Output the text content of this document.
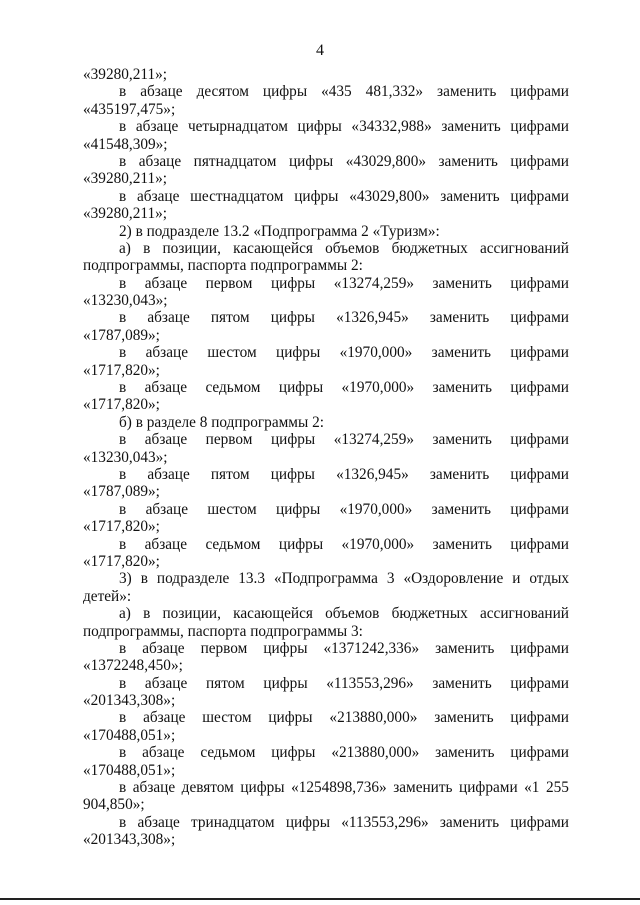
4
«39280,211»;
в абзаце десятом цифры «435 481,332» заменить цифрами
«435197,475»;
в абзаце четырнадцатом цифры «34332,988» заменить цифрами
«41548,309»;
в абзаце пятнадцатом цифры «43029,800» заменить цифрами
«39280,211»;
в абзаце шестнадцатом цифры «43029,800» заменить цифрами
«39280,211»;
2) в подразделе 13.2 «Подпрограмма 2 «Туризм»:
а) в позиции, касающейся объемов бюджетных ассигнований
подпрограммы, паспорта подпрограммы 2:
в абзаце первом цифры «13274,259» заменить цифрами
«13230,043»;
в абзаце пятом цифры «1326,945» заменить цифрами
«1787,089»;
в абзаце шестом цифры «1970,000» заменить цифрами
«1717,820»;
в абзаце седьмом цифры «1970,000» заменить цифрами
«1717,820»;
б) в разделе 8 подпрограммы 2:
в абзаце первом цифры «13274,259» заменить цифрами
«13230,043»;
в абзаце пятом цифры «1326,945» заменить цифрами
«1787,089»;
в абзаце шестом цифры «1970,000» заменить цифрами
«1717,820»;
в абзаце седьмом цифры «1970,000» заменить цифрами
«1717,820»;
3) в подразделе 13.3 «Подпрограмма 3 «Оздоровление и отдых
детей»:
а) в позиции, касающейся объемов бюджетных ассигнований
подпрограммы, паспорта подпрограммы 3:
в абзаце первом цифры «1371242,336» заменить цифрами
«1372248,450»;
в абзаце пятом цифры «113553,296» заменить цифрами
«201343,308»;
в абзаце шестом цифры «213880,000» заменить цифрами
«170488,051»;
в абзаце седьмом цифры «213880,000» заменить цифрами
«170488,051»;
в абзаце девятом цифры «1254898,736» заменить цифрами «1 255
904,850»;
в абзаце тринадцатом цифры «113553,296» заменить цифрами
«201343,308»;
